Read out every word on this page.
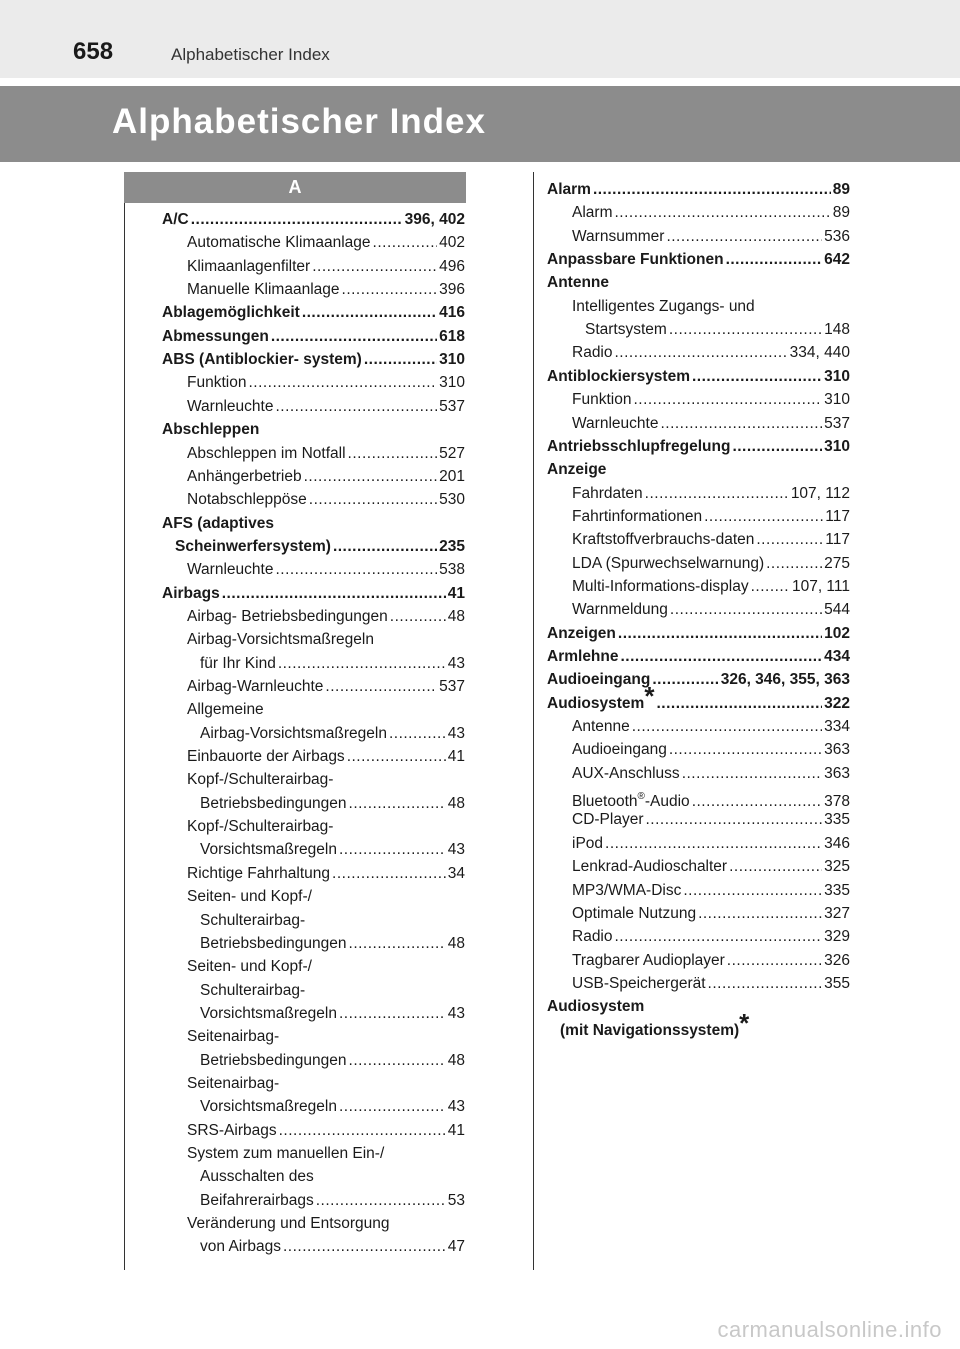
658	Alphabetischer Index
Alphabetischer Index
A
A/C .....	396, 402
Automatische Klimaanlage .....	402
Klimaanlagenfilter .....	496
Manuelle Klimaanlage .....	396
Ablagemöglichkeit .....	416
Abmessungen .....	618
ABS (Antiblockier- system) .....	310
Funktion .....	310
Warnleuchte .....	537
Abschleppen
Abschleppen im Notfall .....	527
Anhängerbetrieb .....	201
Notabschleppöse .....	530
AFS (adaptives
Scheinwerfersystem) .....	235
Warnleuchte .....	538
Airbags .....	41
Airbag- Betriebsbedingungen .....	48
Airbag-Vorsichtsmaßregeln
für Ihr Kind .....	43
Airbag-Warnleuchte .....	537
Allgemeine
Airbag-Vorsichtsmaßregeln .....	43
Einbauorte der Airbags .....	41
Kopf-/Schulterairbag-
Betriebsbedingungen .....	48
Kopf-/Schulterairbag-
Vorsichtsmaßregeln .....	43
Richtige Fahrhaltung .....	34
Seiten- und Kopf-/
Schulterairbag-
Betriebsbedingungen .....	48
Seiten- und Kopf-/
Schulterairbag-
Vorsichtsmaßregeln .....	43
Seitenairbag-
Betriebsbedingungen .....	48
Seitenairbag-
Vorsichtsmaßregeln .....	43
SRS-Airbags .....	41
System zum manuellen Ein-/
Ausschalten des
Beifahrerairbags .....	53
Veränderung und Entsorgung
von Airbags .....	47
Alarm .....	89
Alarm .....	89
Warnsummer .....	536
Anpassbare Funktionen .....	642
Antenne
Intelligentes Zugangs- und
Startsystem .....	148
Radio .....	334, 440
Antiblockiersystem .....	310
Funktion .....	310
Warnleuchte .....	537
Antriebsschlupfregelung .....	310
Anzeige
Fahrdaten .....	107, 112
Fahrtinformationen .....	117
Kraftstoffverbrauchs-daten .....	117
LDA (Spurwechselwarnung) .....	275
Multi-Informations-display .....	107, 111
Warnmeldung .....	544
Anzeigen .....	102
Armlehne .....	434
Audioeingang .....	326, 346, 355, 363
Audiosystem* .....	322
Antenne .....	334
Audioeingang .....	363
AUX-Anschluss .....	363
Bluetooth®-Audio .....	378
CD-Player .....	335
iPod .....	346
Lenkrad-Audioschalter .....	325
MP3/WMA-Disc .....	335
Optimale Nutzung .....	327
Radio .....	329
Tragbarer Audioplayer .....	326
USB-Speichergerät .....	355
Audiosystem
(mit Navigationssystem)*
carmanualsonline.info
